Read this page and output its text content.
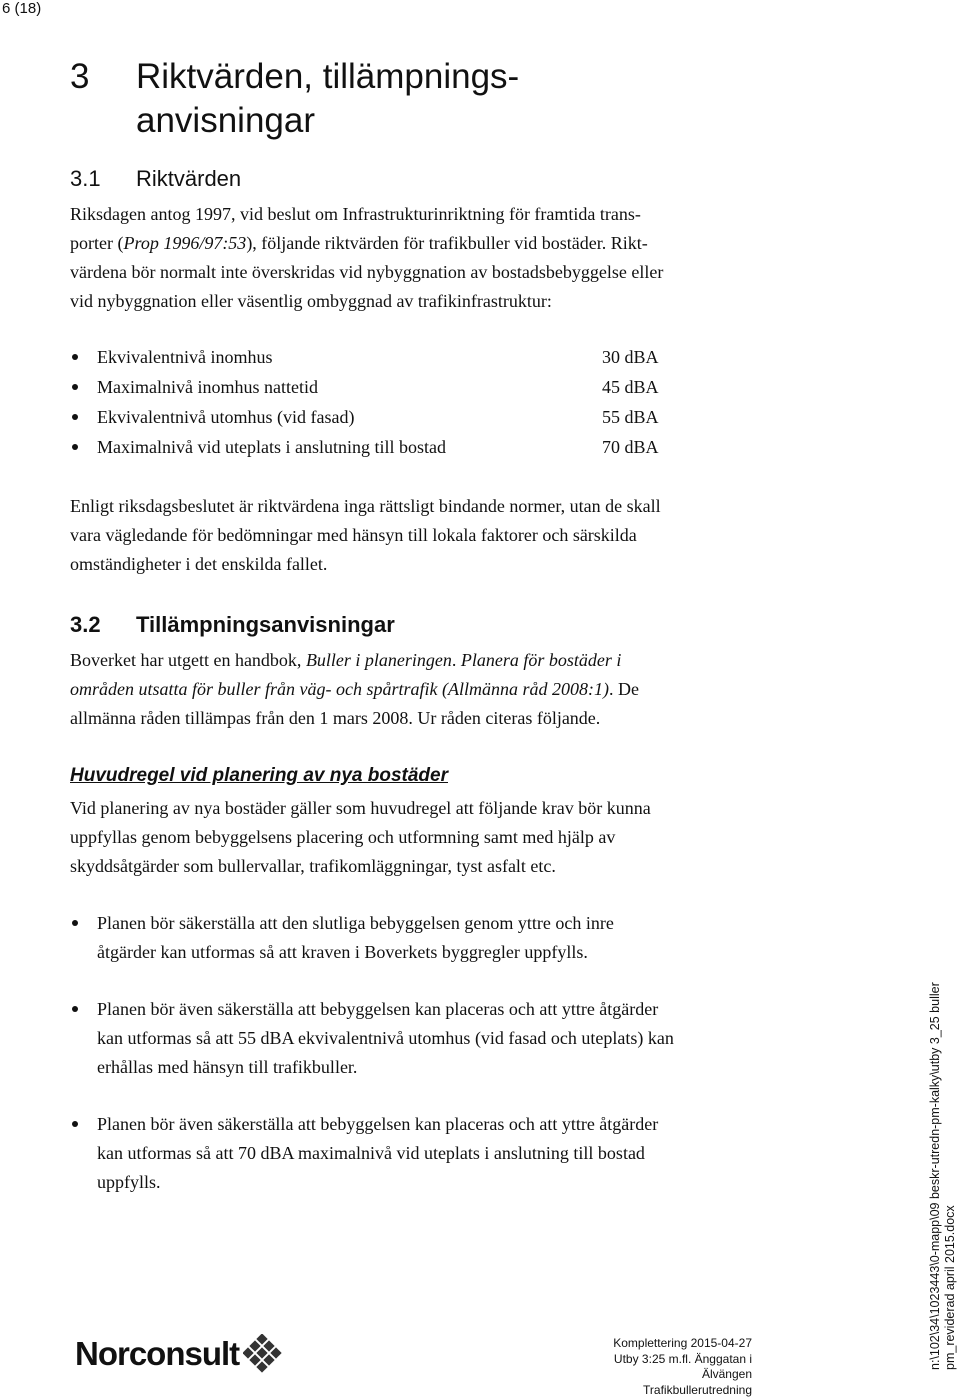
6 (18)
3 Riktvärden, tillämpnings-
anvisningar
3.1 Riktvärden
Riksdagen antog 1997, vid beslut om Infrastrukturinriktning för framtida trans-
porter (Prop 1996/97:53), följande riktvärden för trafikbuller vid bostäder. Rikt-
värdena bör normalt inte överskridas vid nybyggnation av bostadsbebyggelse eller
vid nybyggnation eller väsentlig ombyggnad av trafikinfrastruktur:
Ekvivalentnivå inomhus	30 dBA
Maximalnivå inomhus nattetid	45 dBA
Ekvivalentnivå utomhus (vid fasad)	55 dBA
Maximalnivå vid uteplats i anslutning till bostad	70 dBA
Enligt riksdagsbeslutet är riktvärdena inga rättsligt bindande normer, utan de skall
vara vägledande för bedömningar med hänsyn till lokala faktorer och särskilda
omständigheter i det enskilda fallet.
3.2 Tillämpningsanvisningar
Boverket har utgett en handbok, Buller i planeringen. Planera för bostäder i
områden utsatta för buller från väg- och spårtrafik (Allmänna råd 2008:1). De
allmänna råden tillämpas från den 1 mars 2008. Ur råden citeras följande.
Huvudregel vid planering av nya bostäder
Vid planering av nya bostäder gäller som huvudregel att följande krav bör kunna
uppfyllas genom bebyggelsens placering och utformning samt med hjälp av
skyddsåtgärder som bullervallar, trafikomläggningar, tyst asfalt etc.
Planen bör säkerställa att den slutliga bebyggelsen genom yttre och inre
åtgärder kan utformas så att kraven i Boverkets byggregler uppfylls.
Planen bör även säkerställa att bebyggelsen kan placeras och att yttre åtgärder
kan utformas så att 55 dBA ekvivalentnivå utomhus (vid fasad och uteplats) kan
erhållas med hänsyn till trafikbuller.
Planen bör även säkerställa att bebyggelsen kan placeras och att yttre åtgärder
kan utformas så att 70 dBA maximalnivå vid uteplats i anslutning till bostad
uppfylls.
Norconsult	Komplettering 2015-04-27
Utby 3:25 m.fl. Änggatan i Älvängen
Trafikbullerutredning
n:\102\34\1023443\0-mapp\09 beskr-utredn-pm-kalky\utby 3_25 buller pm_reviderad april 2015.docx
